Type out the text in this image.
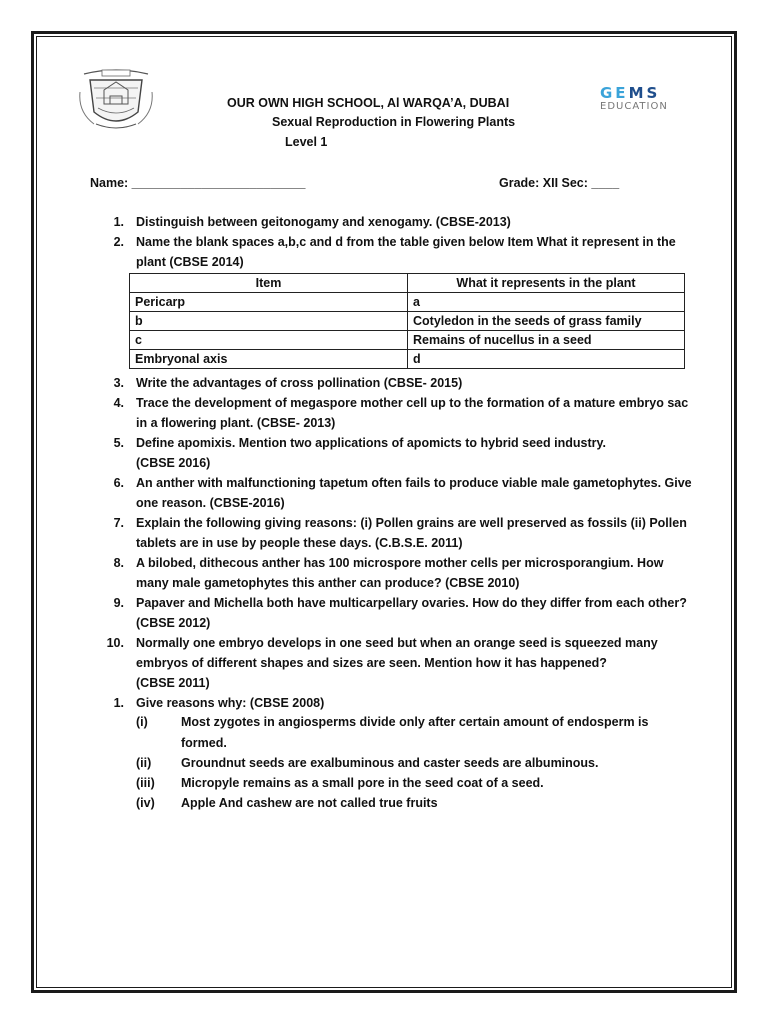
GEMS
EDUCATION
OUR OWN HIGH SCHOOL, Al WARQA’A, DUBAI
Sexual Reproduction in Flowering Plants
Level 1
Name: _________________________	Grade: XII Sec: ____
1. Distinguish between geitonogamy and xenogamy. (CBSE-2013)
2. Name the blank spaces a,b,c and d from the table given below Item What it represent in the
plant (CBSE 2014)
Item	What it represents in the plant
Pericarp	a
b	Cotyledon in the seeds of grass family
c	Remains of nucellus in a seed
Embryonal axis	d
3. Write the advantages of cross pollination (CBSE- 2015)
4. Trace the development of megaspore mother cell up to the formation of a mature embryo sac
in a flowering plant. (CBSE- 2013)
5. Define apomixis. Mention two applications of apomicts to hybrid seed industry.
(CBSE 2016)
6. An anther with malfunctioning tapetum often fails to produce viable male gametophytes. Give
one reason. (CBSE-2016)
7. Explain the following giving reasons: (i) Pollen grains are well preserved as fossils (ii) Pollen
tablets are in use by people these days. (C.B.S.E. 2011)
8. A bilobed, dithecous anther has 100 microspore mother cells per microsporangium. How
many male gametophytes this anther can produce? (CBSE 2010)
9. Papaver and Michella both have multicarpellary ovaries. How do they differ from each other?
(CBSE 2012)
10. Normally one embryo develops in one seed but when an orange seed is squeezed many
embryos of different shapes and sizes are seen. Mention how it has happened?
(CBSE 2011)
1. Give reasons why: (CBSE 2008)
(i)	Most zygotes in angiosperms divide only after certain amount of endosperm is
formed.
(ii) Groundnut seeds are exalbuminous and caster seeds are albuminous.
(iii) Micropyle remains as a small pore in the seed coat of a seed.
(iv) Apple And cashew are not called true fruits
